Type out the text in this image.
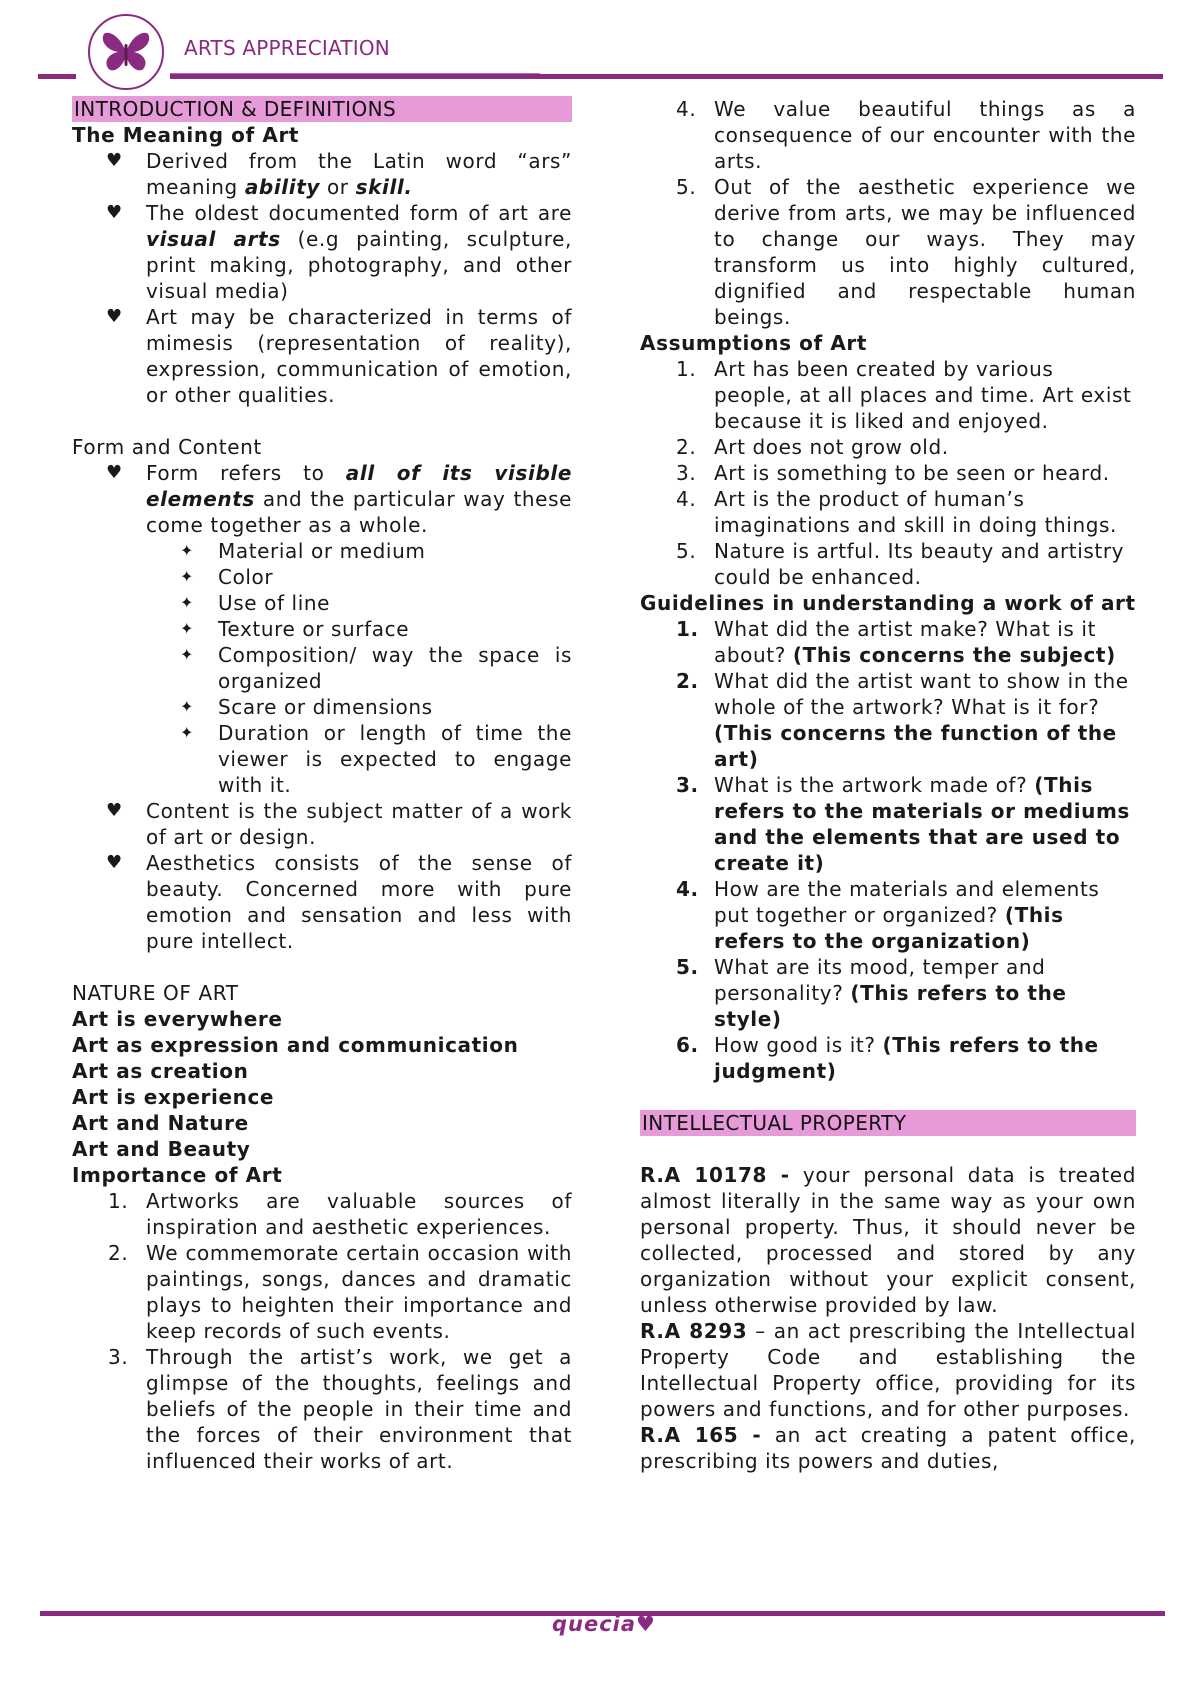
ARTS APPRECIATION
INTRODUCTION & DEFINITIONS
The Meaning of Art
♥ Derived from the Latin word “ars” meaning ability or skill.
♥ The oldest documented form of art are visual arts (e.g painting, sculpture, print making, photography, and other visual media)
♥ Art may be characterized in terms of mimesis (representation of reality), expression, communication of emotion, or other qualities.
Form and Content
♥ Form refers to all of its visible elements and the particular way these come together as a whole.
✦ Material or medium
✦ Color
✦ Use of line
✦ Texture or surface
✦ Composition/ way the space is organized
✦ Scare or dimensions
✦ Duration or length of time the viewer is expected to engage with it.
♥ Content is the subject matter of a work of art or design.
♥ Aesthetics consists of the sense of beauty. Concerned more with pure emotion and sensation and less with pure intellect.
NATURE OF ART
Art is everywhere
Art as expression and communication
Art as creation
Art is experience
Art and Nature
Art and Beauty
Importance of Art
1. Artworks are valuable sources of inspiration and aesthetic experiences.
2. We commemorate certain occasion with paintings, songs, dances and dramatic plays to heighten their importance and keep records of such events.
3. Through the artist’s work, we get a glimpse of the thoughts, feelings and beliefs of the people in their time and the forces of their environment that influenced their works of art.
4. We value beautiful things as a consequence of our encounter with the arts.
5. Out of the aesthetic experience we derive from arts, we may be influenced to change our ways. They may transform us into highly cultured, dignified and respectable human beings.
Assumptions of Art
1. Art has been created by various people, at all places and time. Art exist because it is liked and enjoyed.
2. Art does not grow old.
3. Art is something to be seen or heard.
4. Art is the product of human’s imaginations and skill in doing things.
5. Nature is artful. Its beauty and artistry could be enhanced.
Guidelines in understanding a work of art
1. What did the artist make? What is it about? (This concerns the subject)
2. What did the artist want to show in the whole of the artwork? What is it for? (This concerns the function of the art)
3. What is the artwork made of? (This refers to the materials or mediums and the elements that are used to create it)
4. How are the materials and elements put together or organized? (This refers to the organization)
5. What are its mood, temper and personality? (This refers to the style)
6. How good is it? (This refers to the judgment)
INTELLECTUAL PROPERTY
R.A 10178 - your personal data is treated almost literally in the same way as your own personal property. Thus, it should never be collected, processed and stored by any organization without your explicit consent, unless otherwise provided by law.
R.A 8293 – an act prescribing the Intellectual Property Code and establishing the Intellectual Property office, providing for its powers and functions, and for other purposes.
R.A 165 - an act creating a patent office, prescribing its powers and duties,
quecia♥
